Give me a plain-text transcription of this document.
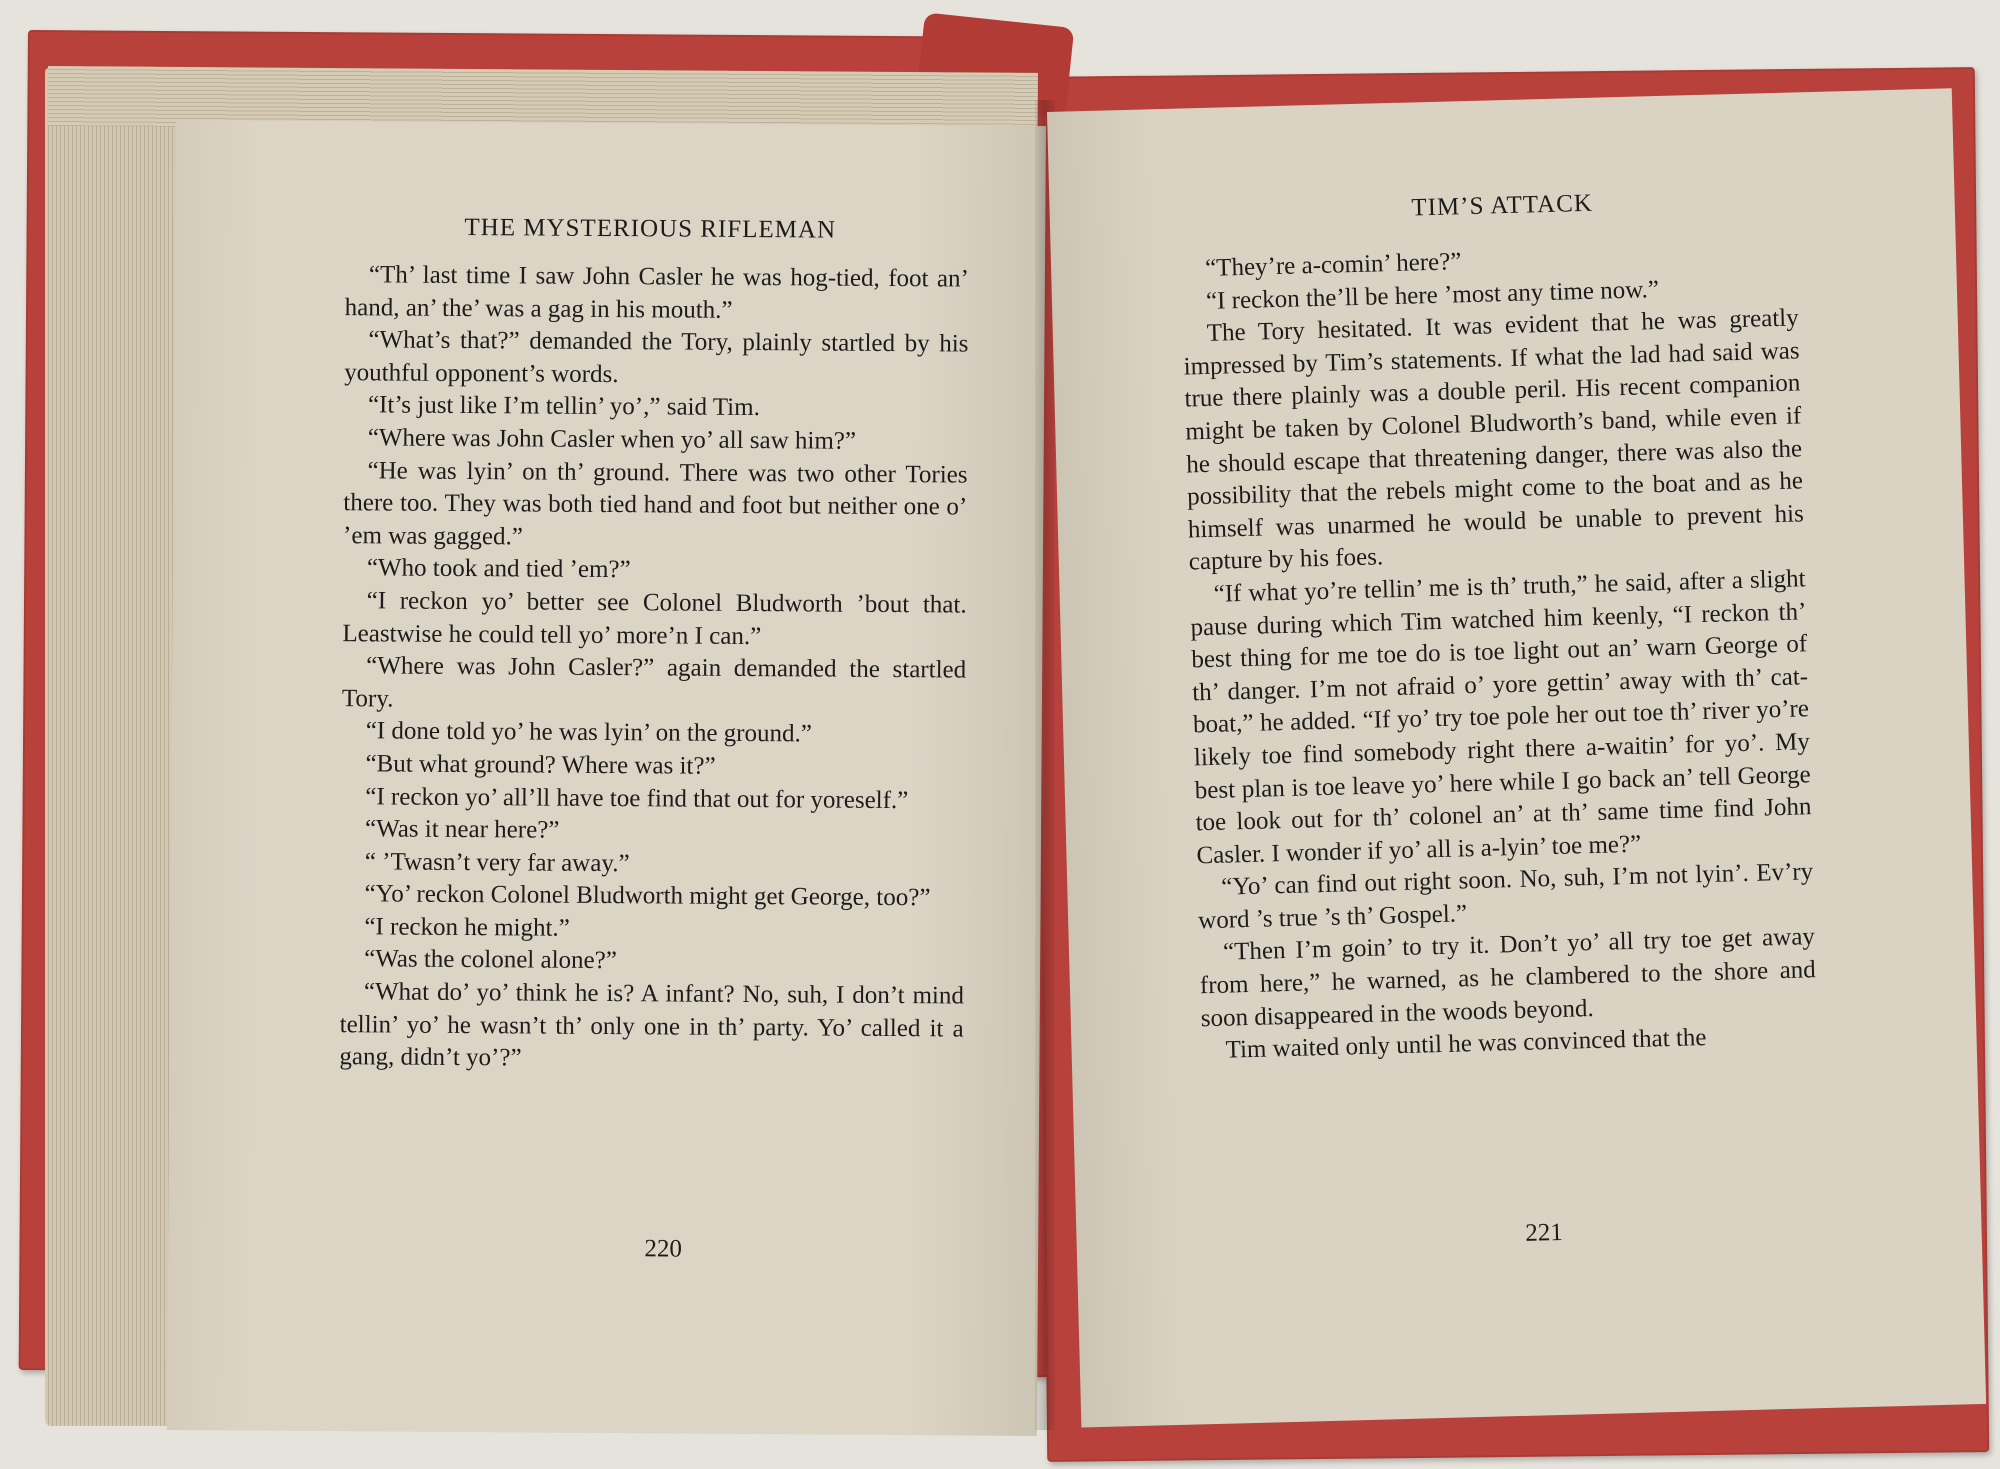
THE MYSTERIOUS RIFLEMAN

“Th’ last time I saw John Casler he was hog-tied, foot an’ hand, an’ the’ was a gag in his mouth.”

“What’s that?” demanded the Tory, plainly startled by his youthful opponent’s words.

“It’s just like I’m tellin’ yo’,” said Tim.

“Where was John Casler when yo’ all saw him?”

“He was lyin’ on th’ ground. There was two other Tories there too. They was both tied hand and foot but neither one o’ ’em was gagged.”

“Who took and tied ’em?”

“I reckon yo’ better see Colonel Bludworth ’bout that. Leastwise he could tell yo’ more’n I can.”

“Where was John Casler?” again demanded the startled Tory.

“I done told yo’ he was lyin’ on the ground.”

“But what ground? Where was it?”

“I reckon yo’ all’ll have toe find that out for yoreself.”

“Was it near here?”

“ ’Twasn’t very far away.”

“Yo’ reckon Colonel Bludworth might get George, too?”

“I reckon he might.”

“Was the colonel alone?”

“What do’ yo’ think he is? A infant? No, suh, I don’t mind tellin’ yo’ he wasn’t th’ only one in th’ party. Yo’ called it a gang, didn’t yo’?”

220
TIM’S ATTACK

“They’re a-comin’ here?”

“I reckon the’ll be here ’most any time now.”

The Tory hesitated. It was evident that he was greatly impressed by Tim’s statements. If what the lad had said was true there plainly was a double peril. His recent companion might be taken by Colonel Bludworth’s band, while even if he should escape that threatening danger, there was also the possibility that the rebels might come to the boat and as he himself was unarmed he would be unable to prevent his capture by his foes.

“If what yo’re tellin’ me is th’ truth,” he said, after a slight pause during which Tim watched him keenly, “I reckon th’ best thing for me toe do is toe light out an’ warn George of th’ danger. I’m not afraid o’ yore gettin’ away with th’ cat-boat,” he added. “If yo’ try toe pole her out toe th’ river yo’re likely toe find somebody right there a-waitin’ for yo’. My best plan is toe leave yo’ here while I go back an’ tell George toe look out for th’ colonel an’ at th’ same time find John Casler. I wonder if yo’ all is a-lyin’ toe me?”

“Yo’ can find out right soon. No, suh, I’m not lyin’. Ev’ry word ’s true ’s th’ Gospel.”

“Then I’m goin’ to try it. Don’t yo’ all try toe get away from here,” he warned, as he clambered to the shore and soon disappeared in the woods beyond.

Tim waited only until he was convinced that the

221
